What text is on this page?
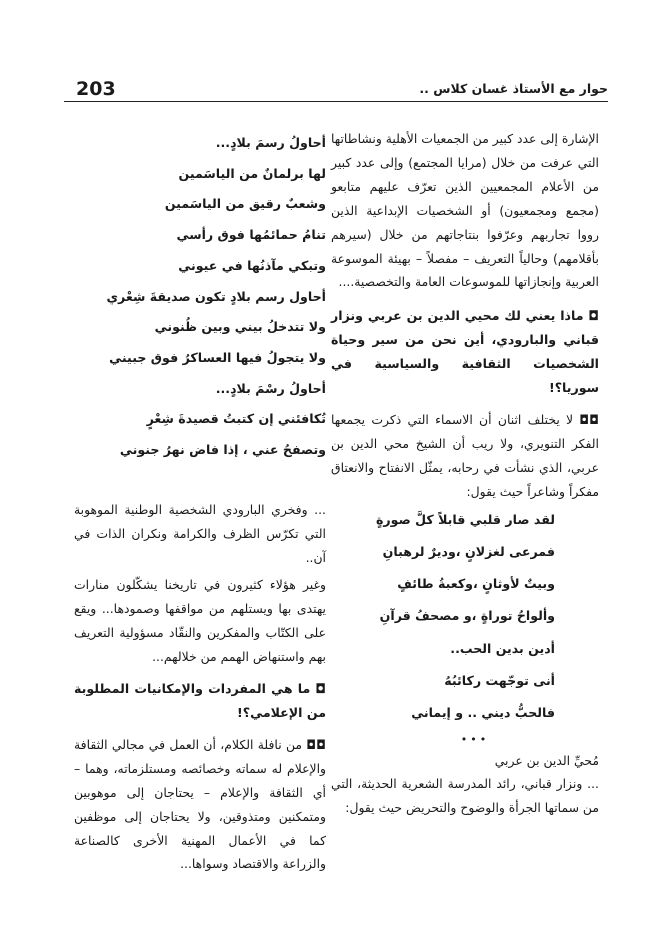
203	حوار مع الأستاذ غسان كلاس ..

الإشارة إلى عدد كبير من الجمعيات الأهلية ونشاطاتها التي عرفت من خلال (مرايا المجتمع) وإلى عدد كبير من الأعلام المجمعيين الذين تعرّف عليهم متابعو (مجمع ومجمعيون) أو الشخصيات الإبداعية الذين رووا تجاربهم وعرّفوا بنتاجاتهم من خلال (سيرهم بأقلامهم) وحالياً التعريف – مفصلاً – بهيئة الموسوعة العربية وإنجازاتها للموسوعات العامة والتخصصية....

◘ ماذا يعني لك محيي الدين بن عربي ونزار قباني والبارودي، أين نحن من سير وحياة الشخصيات الثقافية والسياسية في سوريا؟!

◘◘ لا يختلف اثنان أن الاسماء التي ذكرت يجمعها الفكر التنويري، ولا ريب أن الشيخ محي الدين بن عربي، الذي نشأت في رحابه، يمثّل الانفتاح والانعتاق مفكراً وشاعراً حيث يقول:

لقد صار قلبي قابلاً كلَّ صورةٍ
فمرعى لغزلانٍ ،وديرٌ لرهبانِ
وبيتٌ لأوثانٍ ،وكعبةُ طائفٍ
وألواحُ توراةٍ ،و مصحفُ قرآنِ
أدين بدين الحب..
أنى توجّهت ركائبُهُ
فالحبُّ ديني .. و إيماني
•••

مُحيِّ الدين بن عربي

... ونزار قباني، رائد المدرسة الشعرية الحديثة، التي من سماتها الجرأة والوضوح والتحريض حيث يقول:

أحاولُ رسمَ بلادٍ...
لها برلمانٌ من الياسَمين
وشعبٌ رقيق من الياسَمين
تنامُ حمائمُها فوق رأسي
وتبكي مآذنُها في عيوني
أحاول رسم بلادٍ تكون صديقةَ شِعْري
ولا تتدخلُ بيني وبين ظُنوني
ولا يتجولُ فيها العساكرُ فوق جبيني
أحاولُ رسْمَ بلادٍ...
تُكافئني إن كتبتُ قصيدةَ شِعْرٍ
وتصفحُ عني ، إذا فاض نهرُ جنوني

... وفخري البارودي الشخصية الوطنية الموهوبة التي تكرّس الظرف والكرامة ونكران الذات في آن..

وغير هؤلاء كثيرون في تاريخنا يشكّلون منارات يهتدى بها ويستلهم من مواقفها وصمودها... ويقع على الكتّاب والمفكرين والنقّاد مسؤولية التعريف بهم واستنهاض الهمم من خلالهم...

◘ ما هي المفردات والإمكانيات المطلوبة من الإعلامي؟!

◘◘ من نافلة الكلام، أن العمل في مجالي الثقافة والإعلام له سماته وخصائصه ومستلزماته، وهما – أي الثقافة والإعلام – يحتاجان إلى موهوبين ومتمكنين ومتذوقين، ولا يحتاجان إلى موظفين كما في الأعمال المهنية الأخرى كالصناعة والزراعة والاقتصاد وسواها...
